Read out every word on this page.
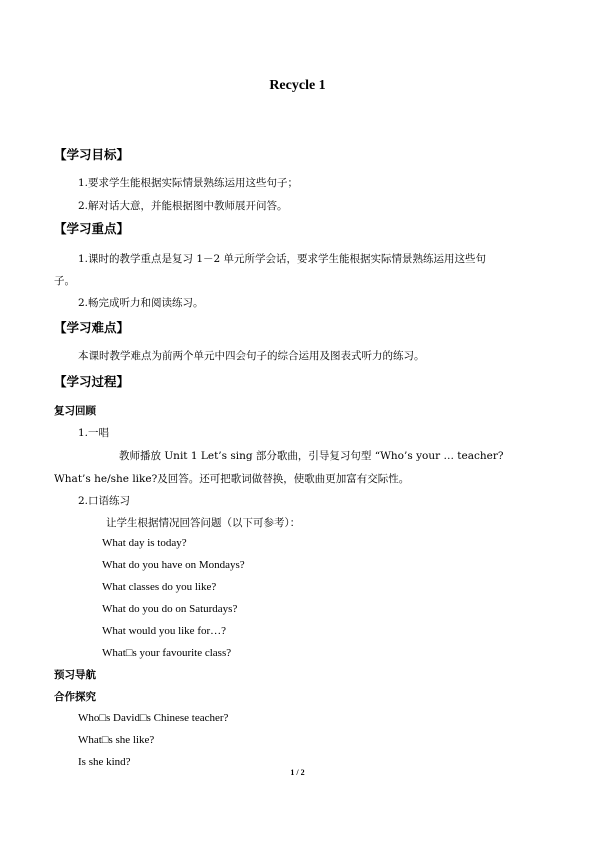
Recycle 1
【学习目标】
1.要求学生能根据实际情景熟练运用这些句子；
2.解对话大意，并能根据图中教师展开问答。
【学习重点】
1.课时的教学重点是复习 1－2 单元所学会话，要求学生能根据实际情景熟练运用这些句
子。
2.畅完成听力和阅读练习。
【学习难点】
本课时教学难点为前两个单元中四会句子的综合运用及图表式听力的练习。
【学习过程】
复习回顾
1.一唱
教师播放 Unit 1 Let’s sing 部分歌曲，引导复习句型 “Who’s your … teacher?
What’s he/she like?及回答。还可把歌词做替换，使歌曲更加富有交际性。
2.口语练习
让学生根据情况回答问题（以下可参考）：
What day is today?
What do you have on Mondays?
What classes do you like?
What do you do on Saturdays?
What would you like for…?
What□s your favourite class?
预习导航
合作探究
Who□s David□s Chinese teacher?
What□s she like?
Is she kind?
1 / 2
